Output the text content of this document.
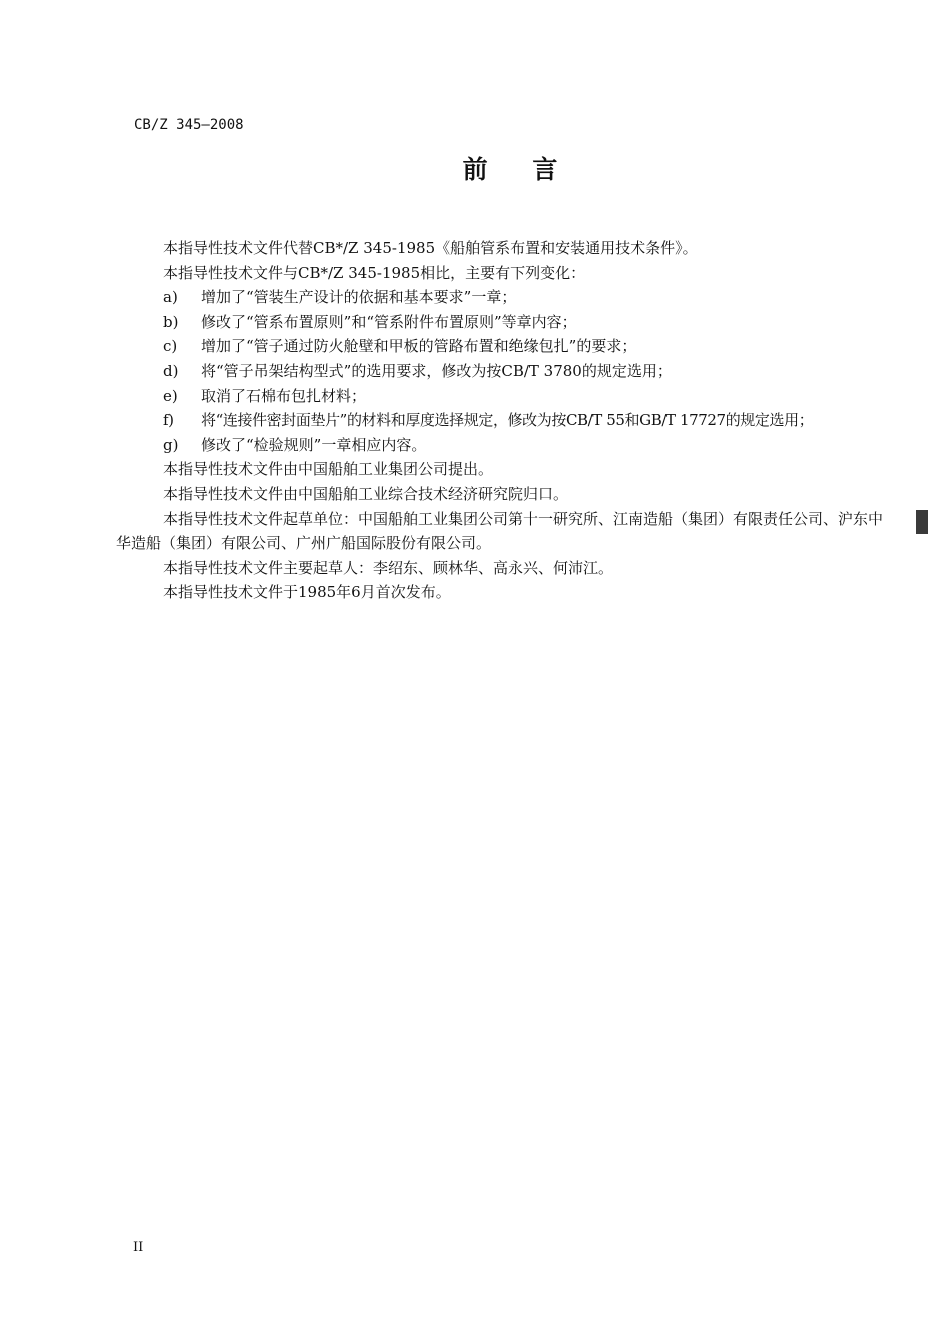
CB/Z 345—2008
前 言
本指导性技术文件代替CB*/Z 345-1985《船舶管系布置和安装通用技术条件》。
本指导性技术文件与CB*/Z 345-1985相比，主要有下列变化：
a) 增加了“管装生产设计的依据和基本要求”一章；
b) 修改了“管系布置原则”和“管系附件布置原则”等章内容；
c) 增加了“管子通过防火舱壁和甲板的管路布置和绝缘包扎”的要求；
d) 将“管子吊架结构型式”的选用要求，修改为按CB/T 3780的规定选用；
e) 取消了石棉布包扎材料；
f) 将“连接件密封面垫片”的材料和厚度选择规定，修改为按CB/T 55和GB/T 17727的规定选用；
g) 修改了“检验规则”一章相应内容。
本指导性技术文件由中国船舶工业集团公司提出。
本指导性技术文件由中国船舶工业综合技术经济研究院归口。
本指导性技术文件起草单位：中国船舶工业集团公司第十一研究所、江南造船（集团）有限责任公司、沪东中华造船（集团）有限公司、广州广船国际股份有限公司。
本指导性技术文件主要起草人：李绍东、顾林华、高永兴、何沛江。
本指导性技术文件于1985年6月首次发布。
II
